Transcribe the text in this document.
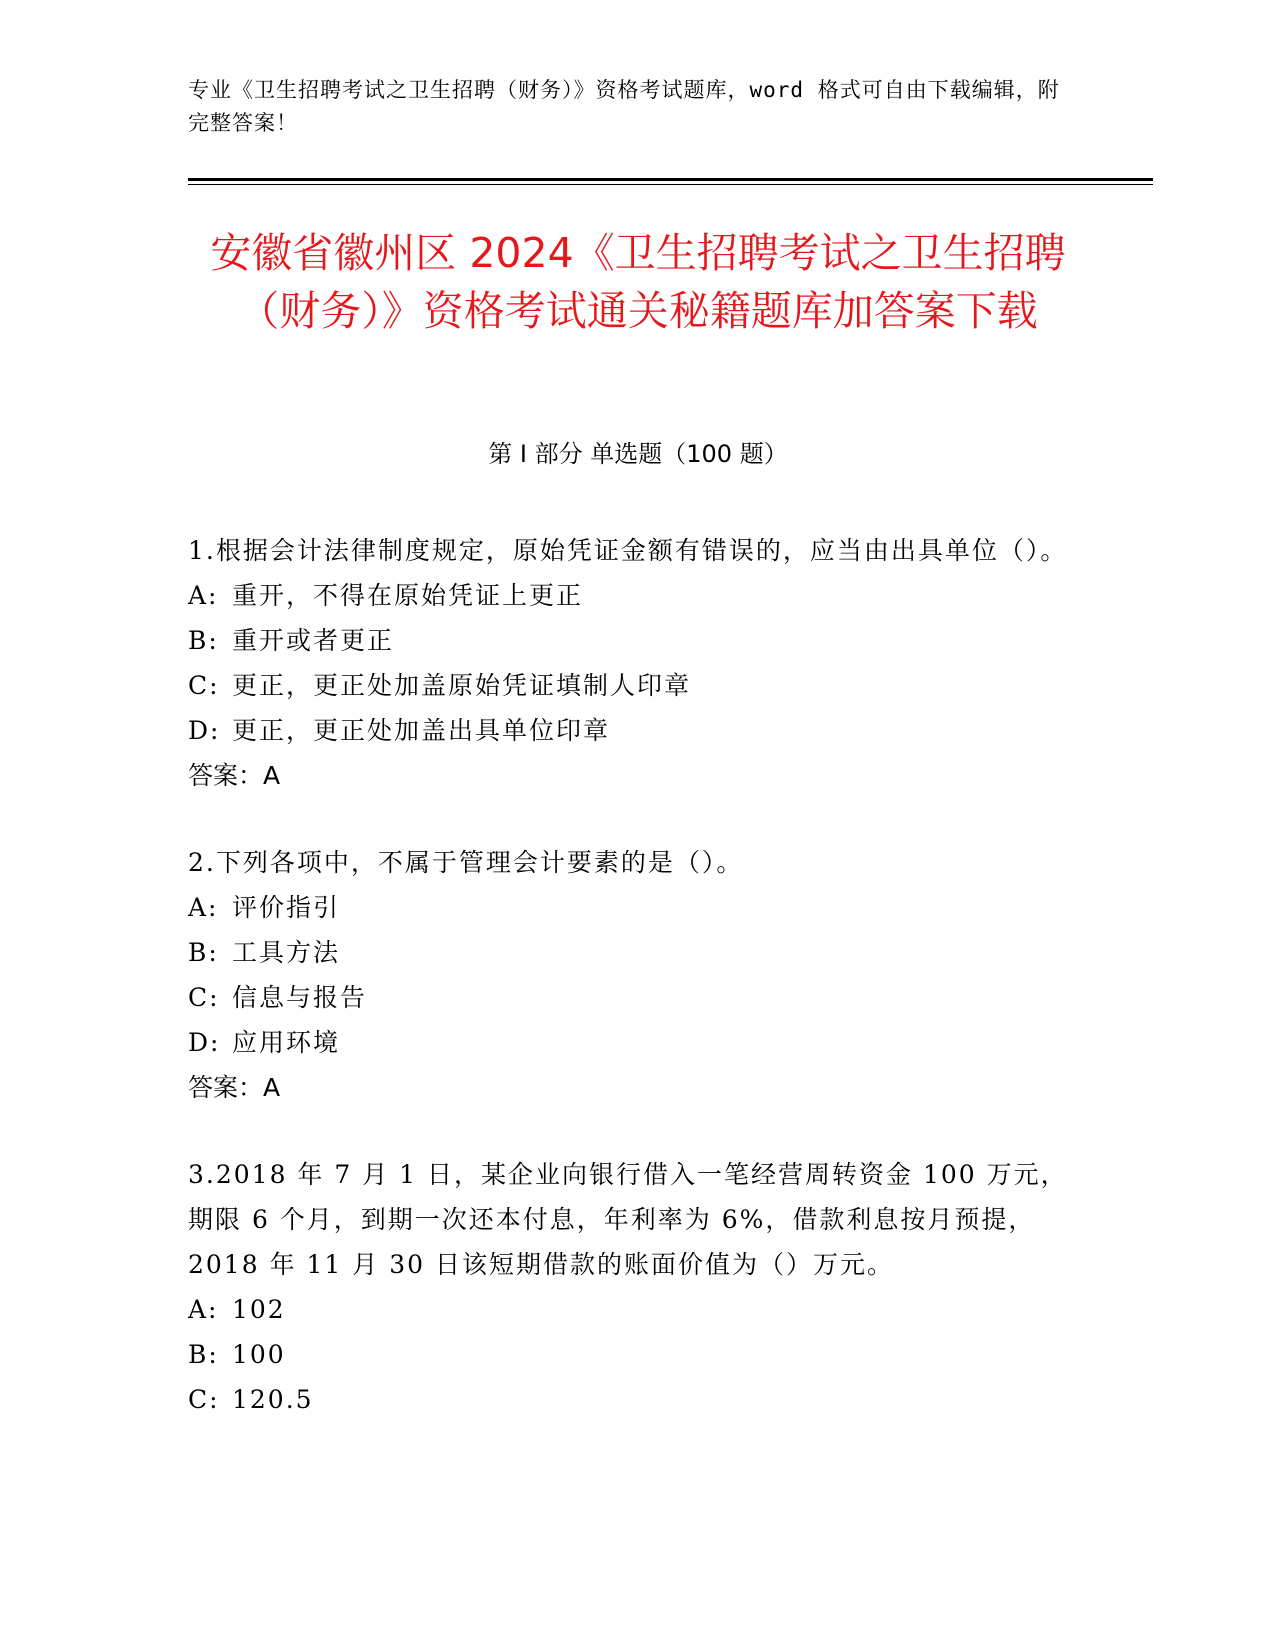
专业《卫生招聘考试之卫生招聘（财务）》资格考试题库，word 格式可自由下载编辑，附完整答案！
安徽省徽州区 2024《卫生招聘考试之卫生招聘（财务）》资格考试通关秘籍题库加答案下载
第 I 部分 单选题（100 题）
1.根据会计法律制度规定，原始凭证金额有错误的，应当由出具单位（）。
A: 重开，不得在原始凭证上更正
B: 重开或者更正
C: 更正，更正处加盖原始凭证填制人印章
D: 更正，更正处加盖出具单位印章
答案：A
2.下列各项中，不属于管理会计要素的是（）。
A: 评价指引
B: 工具方法
C: 信息与报告
D: 应用环境
答案：A
3.2018 年 7 月 1 日，某企业向银行借入一笔经营周转资金 100 万元，期限 6 个月，到期一次还本付息，年利率为 6%，借款利息按月预提，2018 年 11 月 30 日该短期借款的账面价值为（）万元。
A: 102
B: 100
C: 120.5
